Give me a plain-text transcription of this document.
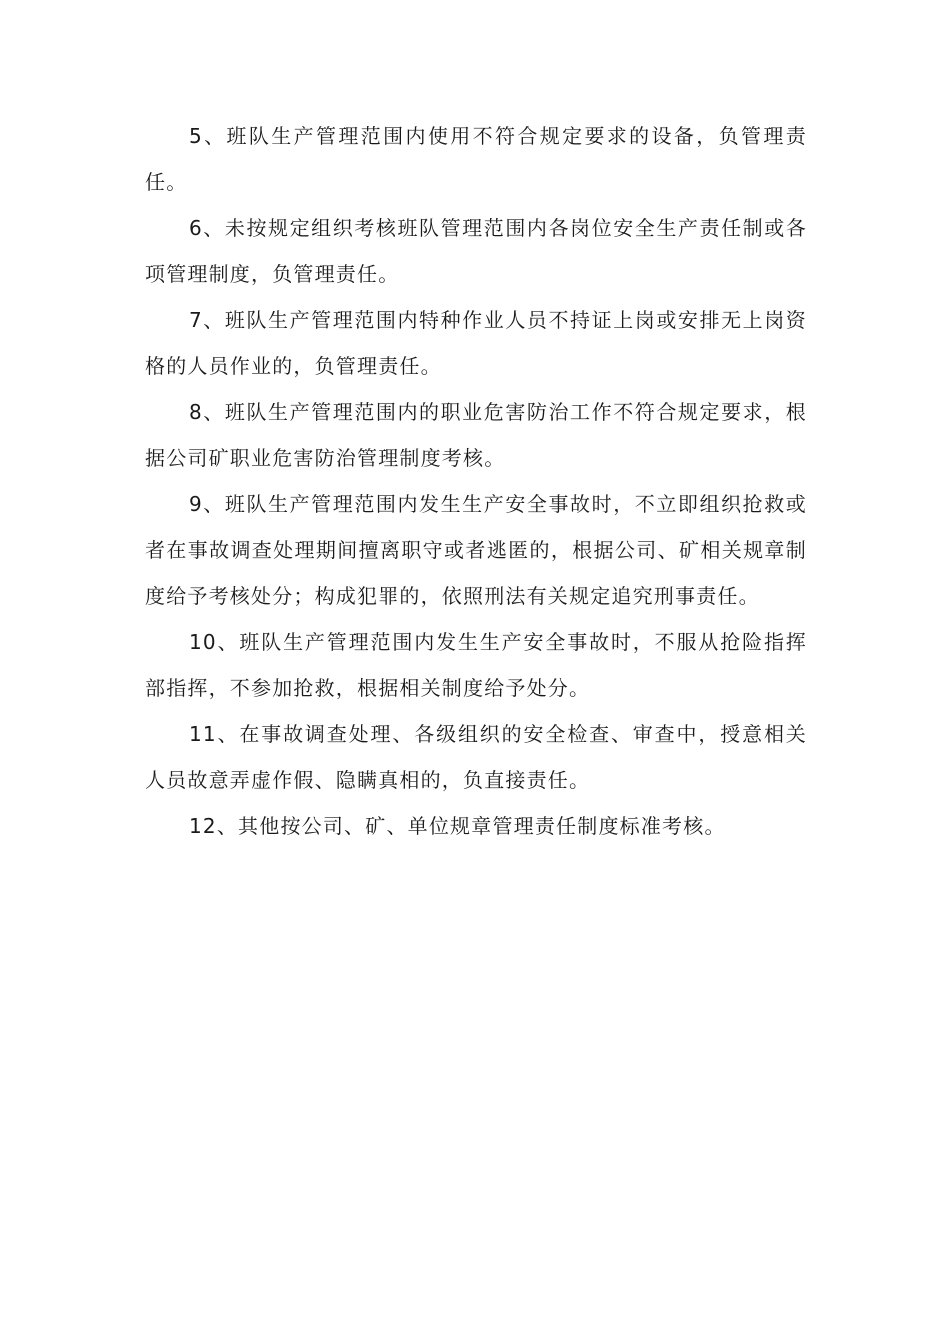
5、班队生产管理范围内使用不符合规定要求的设备，负管理责任。

6、未按规定组织考核班队管理范围内各岗位安全生产责任制或各项管理制度，负管理责任。

7、班队生产管理范围内特种作业人员不持证上岗或安排无上岗资格的人员作业的，负管理责任。

8、班队生产管理范围内的职业危害防治工作不符合规定要求，根据公司矿职业危害防治管理制度考核。

9、班队生产管理范围内发生生产安全事故时，不立即组织抢救或者在事故调查处理期间擅离职守或者逃匿的，根据公司、矿相关规章制度给予考核处分；构成犯罪的，依照刑法有关规定追究刑事责任。

10、班队生产管理范围内发生生产安全事故时，不服从抢险指挥部指挥，不参加抢救，根据相关制度给予处分。

11、在事故调查处理、各级组织的安全检查、审查中，授意相关人员故意弄虚作假、隐瞒真相的，负直接责任。

12、其他按公司、矿、单位规章管理责任制度标准考核。
